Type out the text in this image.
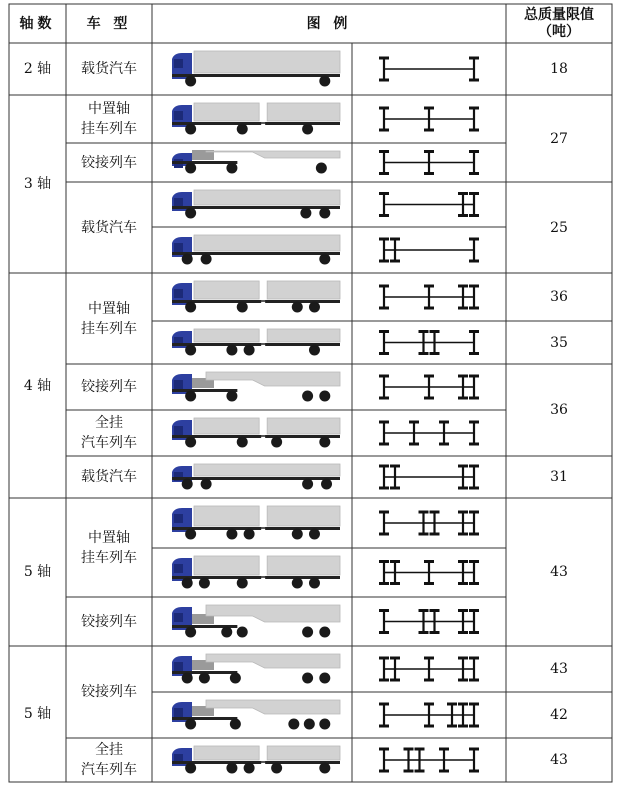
轴数 车 型	图 例
总质量限值
（吨）
2 轴 载货汽车	18
3 轴
中置轴
挂车列车
铰接列车
载货汽车
27
25
4 轴
中置轴
挂车列车
铰接列车
全挂
汽车列车
载货汽车
36
35
36
31
5 轴
中置轴
挂车列车
铰接列车
43
5 轴
铰接列车
全挂
汽车列车
43
42
43
